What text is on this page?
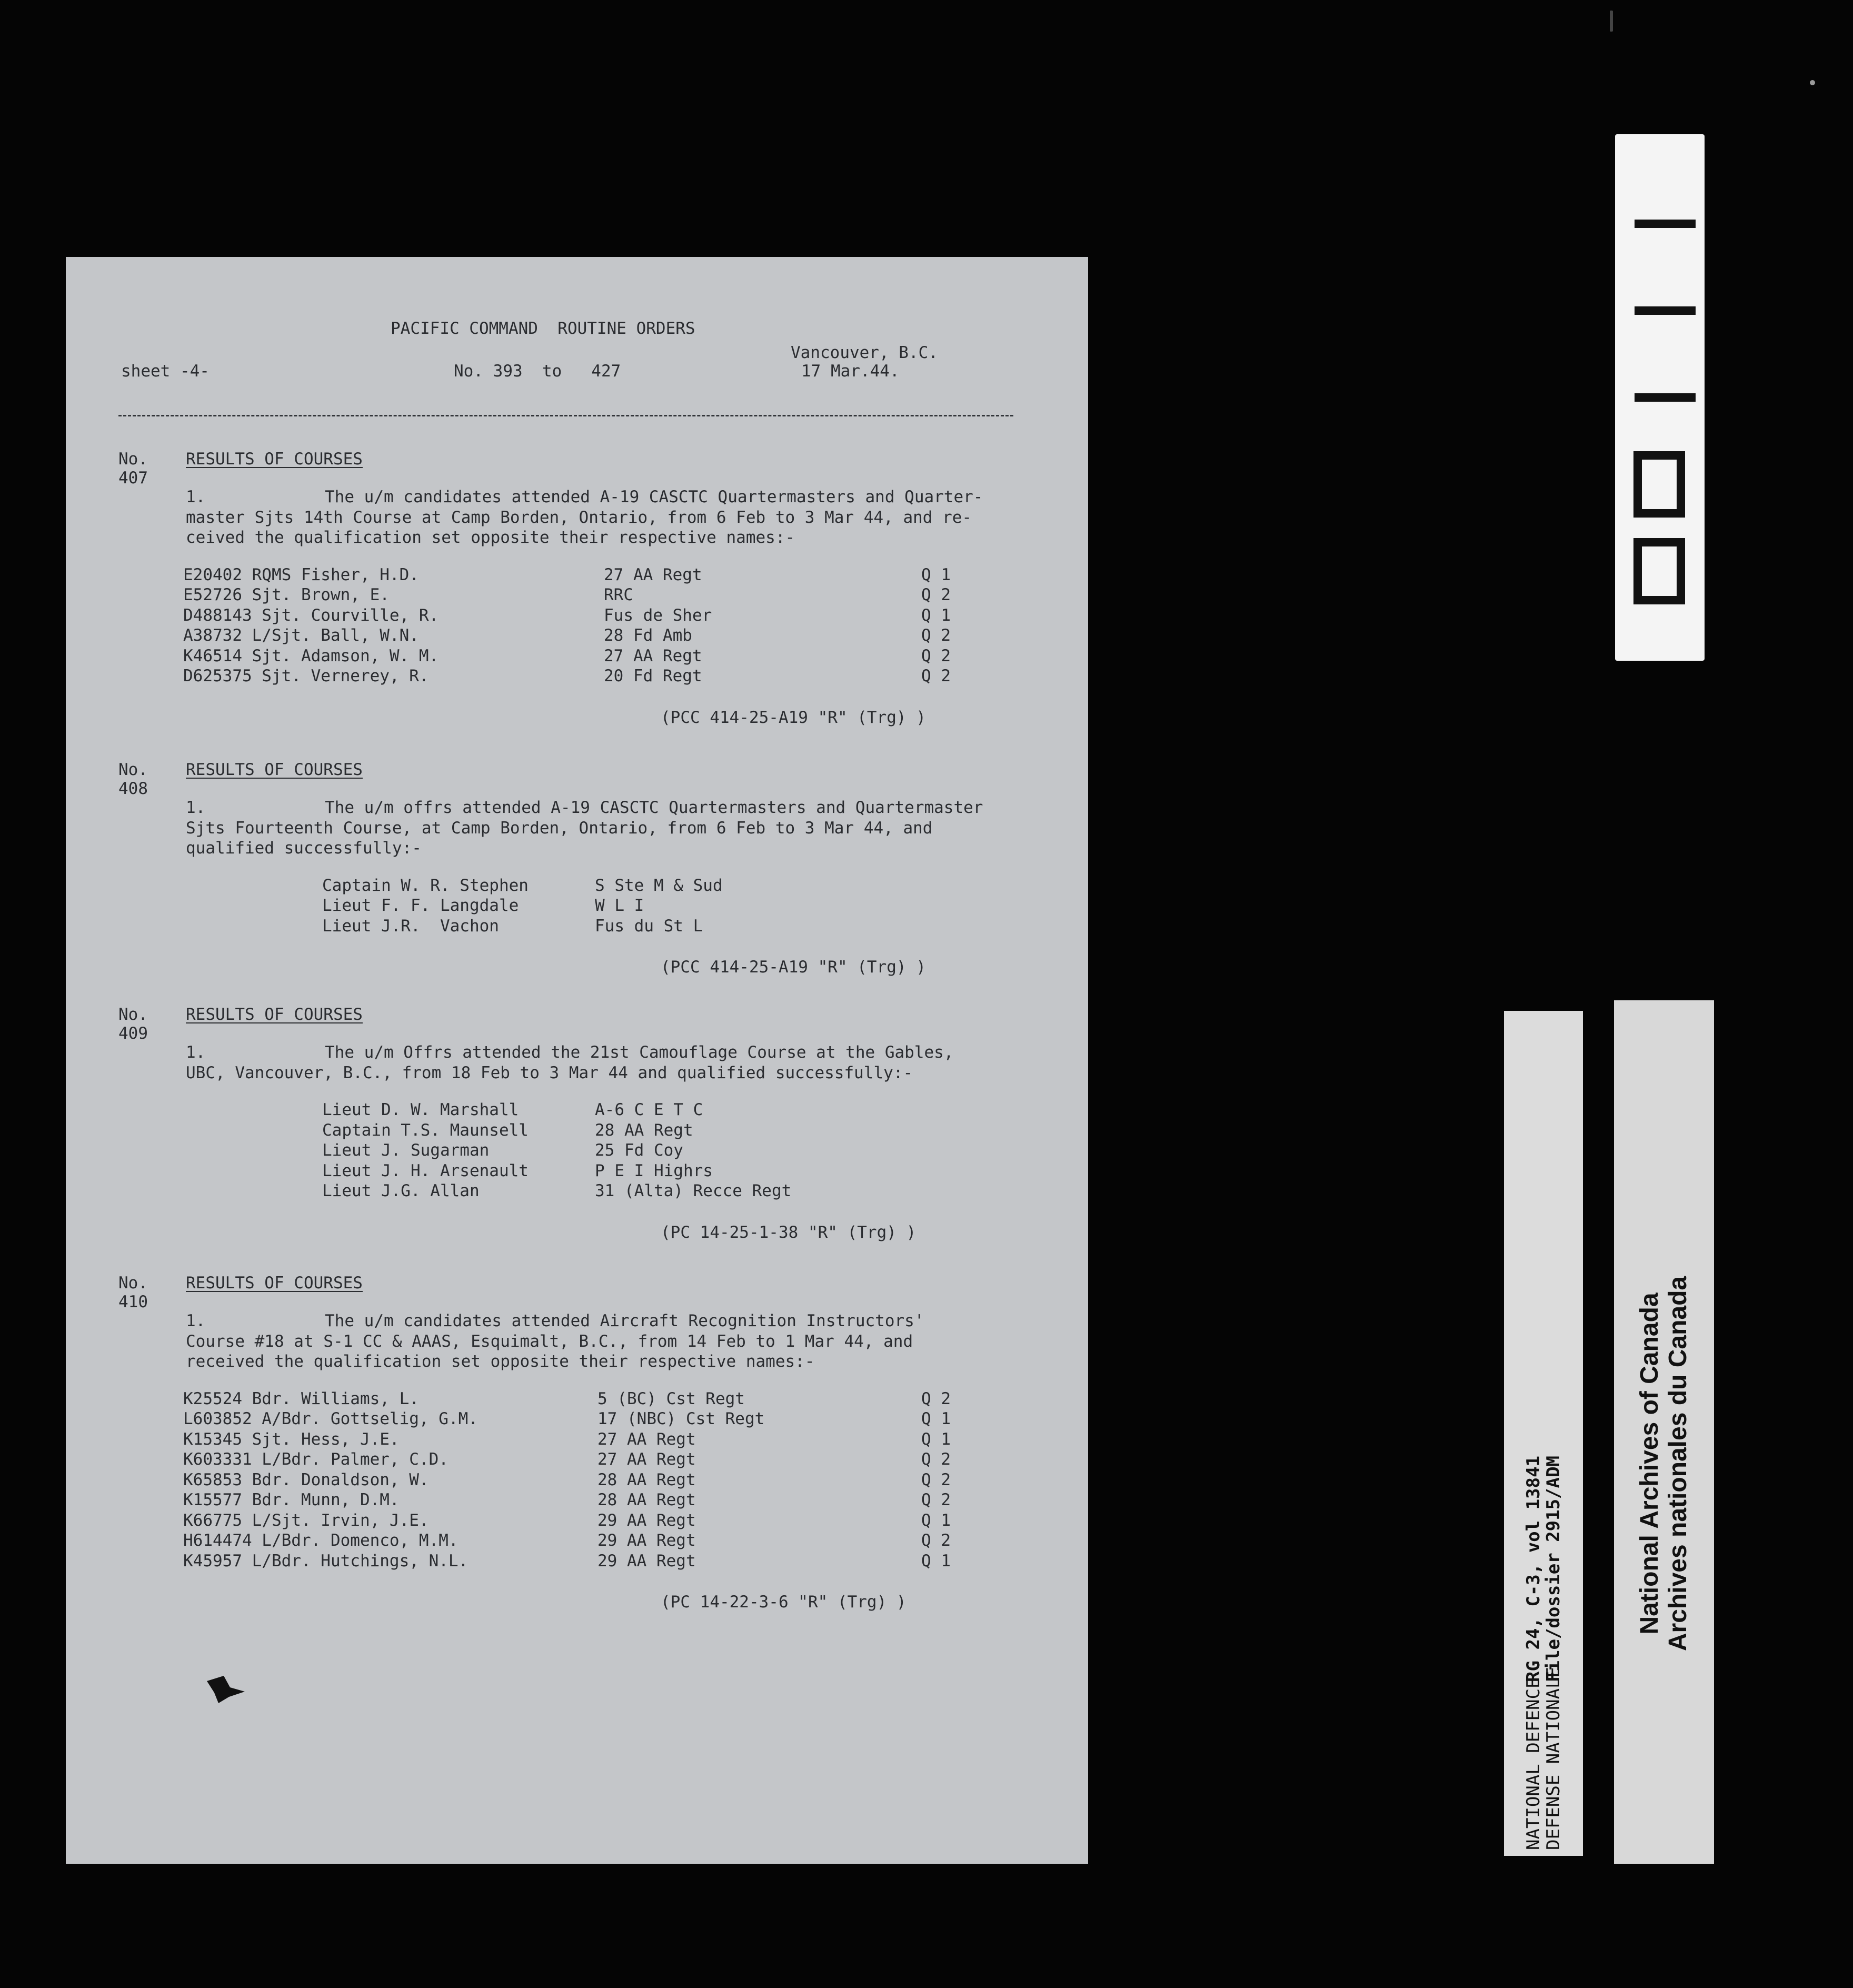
PACIFIC COMMAND  ROUTINE ORDERS
sheet -4-	No. 393  to   427
Vancouver, B.C.
17 Mar.44.
No.
407
RESULTS OF COURSES
1.	The u/m candidates attended A-19 CASCTC Quartermasters and Quarter-
master Sjts 14th Course at Camp Borden, Ontario, from 6 Feb to 3 Mar 44, and re-
ceived the qualification set opposite their respective names:-
E20402 RQMS Fisher, H.D.	27 AA Regt	Q 1
E52726 Sjt. Brown, E.	RRC	Q 2
D488143 Sjt. Courville, R.	Fus de Sher	Q 1
A38732 L/Sjt. Ball, W.N.	28 Fd Amb	Q 2
K46514 Sjt. Adamson, W. M.	27 AA Regt	Q 2
D625375 Sjt. Vernerey, R.	20 Fd Regt	Q 2
(PCC 414-25-A19 "R" (Trg) )
No.
408
RESULTS OF COURSES
1.	The u/m offrs attended A-19 CASCTC Quartermasters and Quartermaster
Sjts Fourteenth Course, at Camp Borden, Ontario, from 6 Feb to 3 Mar 44, and
qualified successfully:-
Captain W. R. Stephen	S Ste M & Sud
Lieut F. F. Langdale	W L I
Lieut J.R.  Vachon	Fus du St L
(PCC 414-25-A19 "R" (Trg) )
No.
409
RESULTS OF COURSES
1.	The u/m Offrs attended the 21st Camouflage Course at the Gables,
UBC, Vancouver, B.C., from 18 Feb to 3 Mar 44 and qualified successfully:-
Lieut D. W. Marshall	A-6 C E T C
Captain T.S. Maunsell	28 AA Regt
Lieut J. Sugarman	25 Fd Coy
Lieut J. H. Arsenault	P E I Highrs
Lieut J.G. Allan	31 (Alta) Recce Regt
(PC 14-25-1-38 "R" (Trg) )
No.
410
RESULTS OF COURSES
1.	The u/m candidates attended Aircraft Recognition Instructors'
Course #18 at S-1 CC & AAAS, Esquimalt, B.C., from 14 Feb to 1 Mar 44, and
received the qualification set opposite their respective names:-
K25524 Bdr. Williams, L.	5 (BC) Cst Regt	Q 2
L603852 A/Bdr. Gottselig, G.M.	17 (NBC) Cst Regt	Q 1
K15345 Sjt. Hess, J.E.	27 AA Regt	Q 1
K603331 L/Bdr. Palmer, C.D.	27 AA Regt	Q 2
K65853 Bdr. Donaldson, W.	28 AA Regt	Q 2
K15577 Bdr. Munn, D.M.	28 AA Regt	Q 2
K66775 L/Sjt. Irvin, J.E.	29 AA Regt	Q 1
H614474 L/Bdr. Domenco, M.M.	29 AA Regt	Q 2
K45957 L/Bdr. Hutchings, N.L.	29 AA Regt	Q 1
(PC 14-22-3-6 "R" (Trg) )	RG 24, C-3, vol 13841
File/dossier 2915/ADM
NATIONAL DEFENCE
DEFENSE NATIONALE
National Archives of Canada Archives nationales du Canada
